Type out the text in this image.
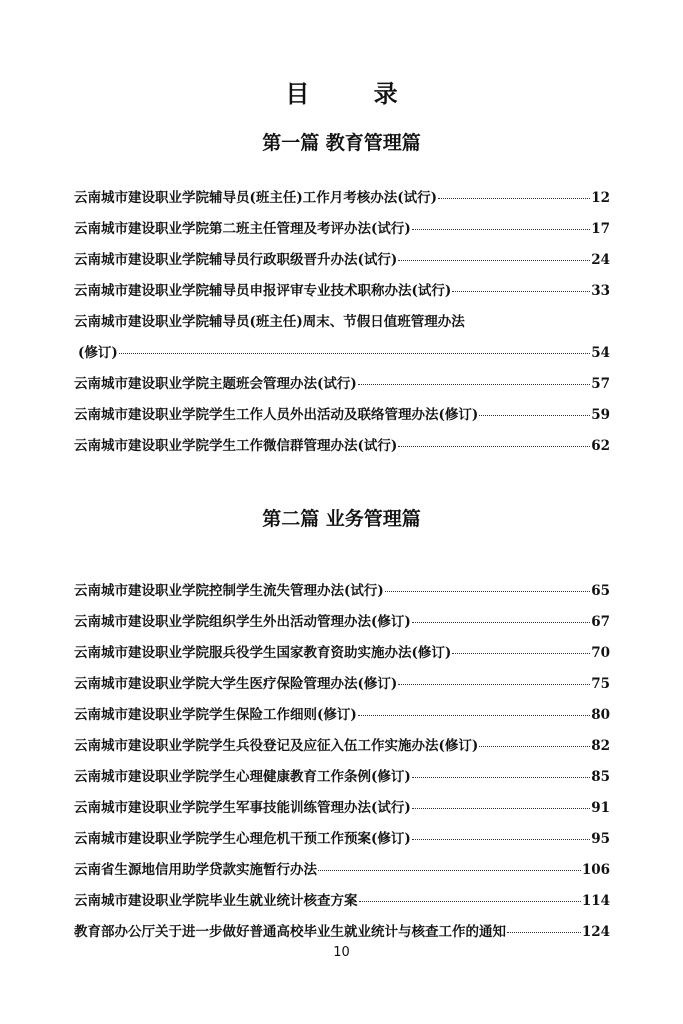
目 录
第一篇 教育管理篇
云南城市建设职业学院辅导员(班主任)工作月考核办法(试行)	12
云南城市建设职业学院第二班主任管理及考评办法(试行)	17
云南城市建设职业学院辅导员行政职级晋升办法(试行)	24
云南城市建设职业学院辅导员申报评审专业技术职称办法(试行)	33
云南城市建设职业学院辅导员(班主任)周末、节假日值班管理办法
(修订)	54
云南城市建设职业学院主题班会管理办法(试行)	57
云南城市建设职业学院学生工作人员外出活动及联络管理办法(修订)	59
云南城市建设职业学院学生工作微信群管理办法(试行)	62
第二篇 业务管理篇
云南城市建设职业学院控制学生流失管理办法(试行)	65
云南城市建设职业学院组织学生外出活动管理办法(修订)	67
云南城市建设职业学院服兵役学生国家教育资助实施办法(修订)	70
云南城市建设职业学院大学生医疗保险管理办法(修订)	75
云南城市建设职业学院学生保险工作细则(修订)	80
云南城市建设职业学院学生兵役登记及应征入伍工作实施办法(修订)	82
云南城市建设职业学院学生心理健康教育工作条例(修订)	85
云南城市建设职业学院学生军事技能训练管理办法(试行)	91
云南城市建设职业学院学生心理危机干预工作预案(修订)	95
云南省生源地信用助学贷款实施暂行办法	106
云南城市建设职业学院毕业生就业统计核查方案	114
教育部办公厅关于进一步做好普通高校毕业生就业统计与核查工作的通知	124
10
